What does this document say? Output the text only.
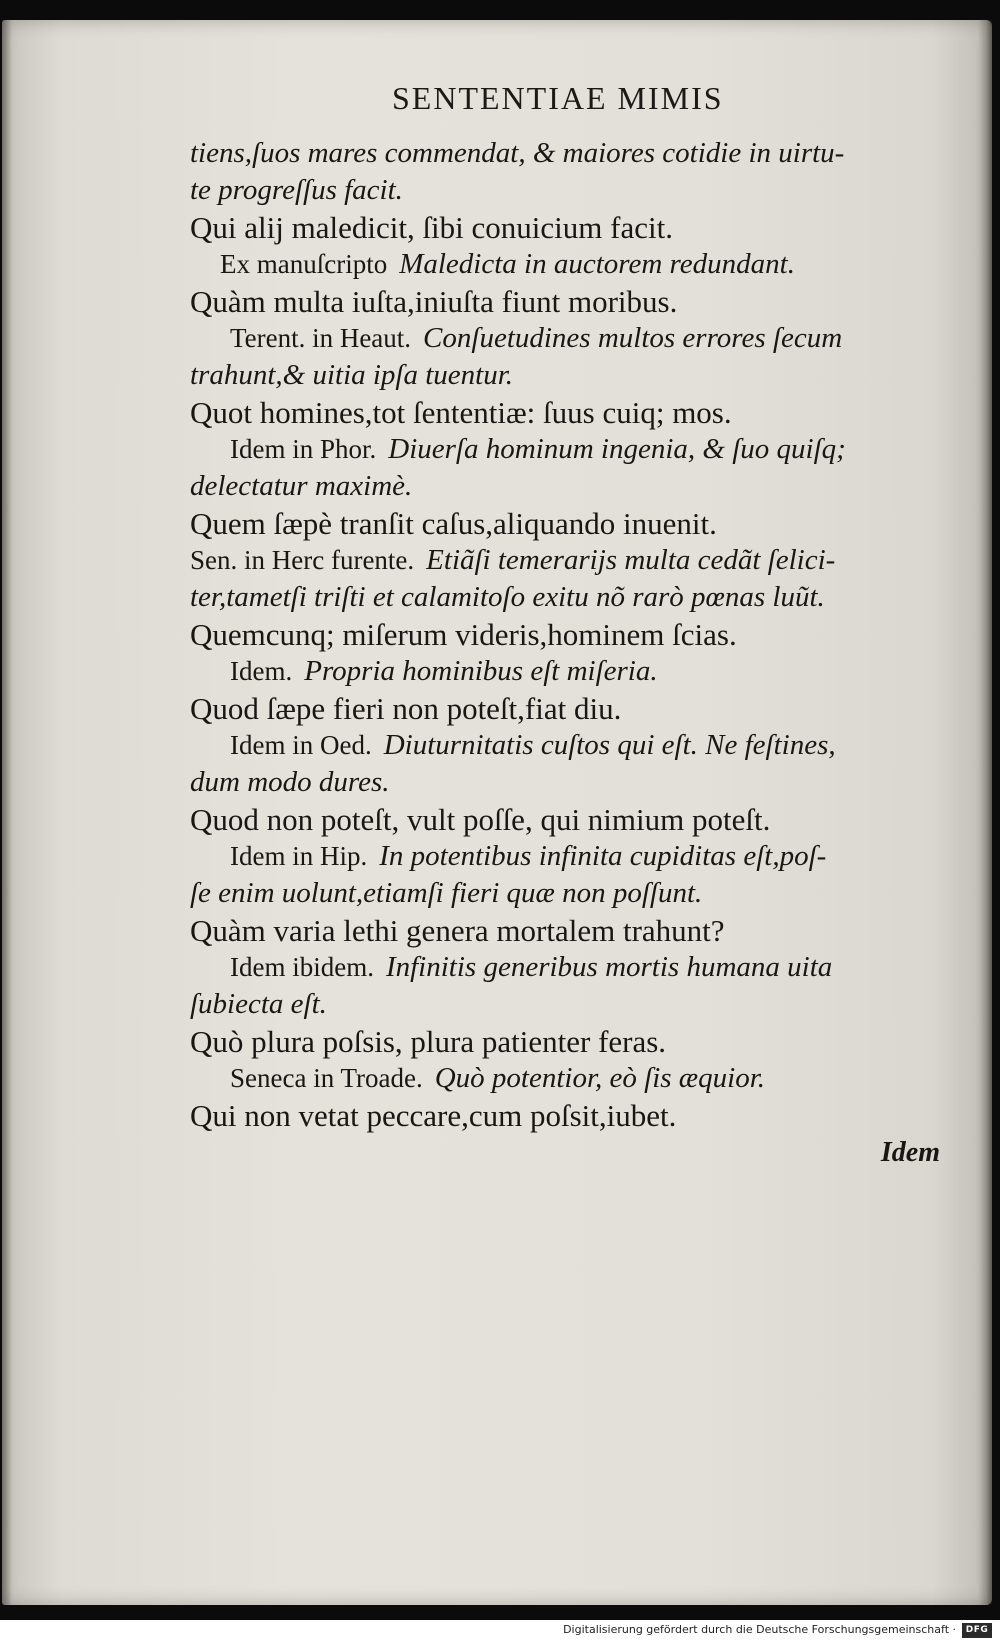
SENTENTIAE MIMIS
tiens,ſuos mares commendat, & maiores cotidie in uirtu-
te progreſſus facit.
Qui alij maledicit, ſibi conuicium facit.
Ex manuſcripto Maledicta in auctorem redundant.
Quàm multa iuſta,iniuſta fiunt moribus.
Terent. in Heaut. Conſuetudines multos errores ſecum
trahunt,& uitia ipſa tuentur.
Quot homines,tot ſententiæ: ſuus cuiq; mos.
Idem in Phor. Diuerſa hominum ingenia, & ſuo quiſq;
delectatur maximè.
Quem ſæpè tranſit caſus,aliquando inuenit.
Sen. in Herc furente. Etiãſi temerarijs multa cedãt ſelici-
ter,tametſi triſti et calamitoſo exitu nõ rarò pœnas luũt.
Quemcunq; miſerum videris,hominem ſcias.
Idem. Propria hominibus eſt miſeria.
Quod ſæpe fieri non poteſt,fiat diu.
Idem in Oed. Diuturnitatis cuſtos qui eſt. Ne feſtines,
dum modo dures.
Quod non poteſt, vult poſſe, qui nimium poteſt.
Idem in Hip. In potentibus infinita cupiditas eſt,poſ-
ſe enim uolunt,etiamſi fieri quæ non poſſunt.
Quàm varia lethi genera mortalem trahunt?
Idem ibidem. Infinitis generibus mortis humana uita
ſubiecta eſt.
Quò plura poſsis, plura patienter feras.
Seneca in Troade. Quò potentior, eò ſis æquior.
Qui non vetat peccare,cum poſsit,iubet.
Idem
Digitalisierung gefördert durch die Deutsche Forschungsgemeinschaft ·	DFG
